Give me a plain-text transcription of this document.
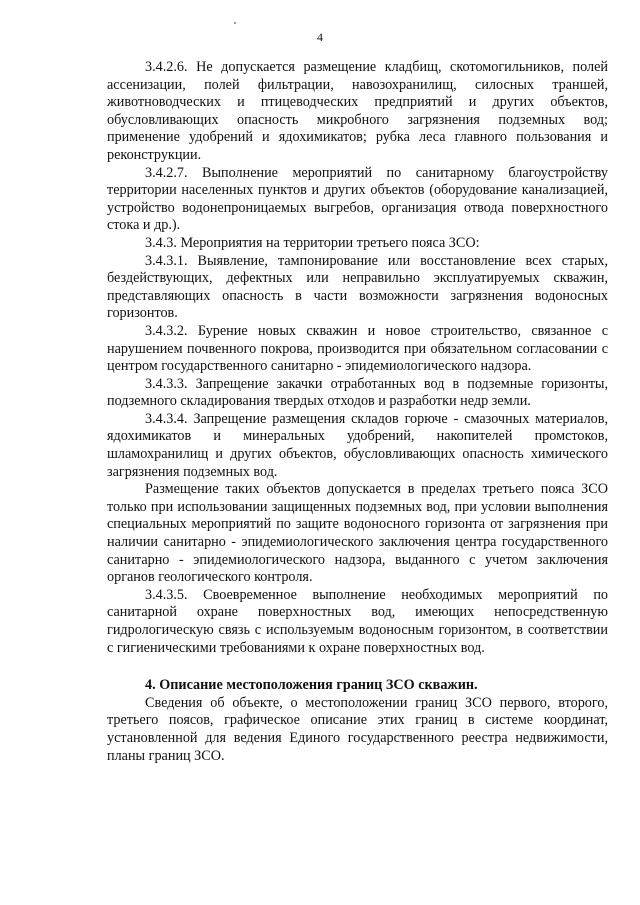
4

3.4.2.6. Не допускается размещение кладбищ, скотомогильников, полей ассенизации, полей фильтрации, навозохранилищ, силосных траншей, животноводческих и птицеводческих предприятий и других объектов, обусловливающих опасность микробного загрязнения подземных вод; применение удобрений и ядохимикатов; рубка леса главного пользования и реконструкции.

3.4.2.7. Выполнение мероприятий по санитарному благоустройству территории населенных пунктов и других объектов (оборудование канализацией, устройство водонепроницаемых выгребов, организация отвода поверхностного стока и др.).

3.4.3. Мероприятия на территории третьего пояса ЗСО:

3.4.3.1. Выявление, тампонирование или восстановление всех старых, бездействующих, дефектных или неправильно эксплуатируемых скважин, представляющих опасность в части возможности загрязнения водоносных горизонтов.

3.4.3.2. Бурение новых скважин и новое строительство, связанное с нарушением почвенного покрова, производится при обязательном согласовании с центром государственного санитарно - эпидемиологического надзора.

3.4.3.3. Запрещение закачки отработанных вод в подземные горизонты, подземного складирования твердых отходов и разработки недр земли.

3.4.3.4. Запрещение размещения складов горюче - смазочных материалов, ядохимикатов и минеральных удобрений, накопителей промстоков, шламохранилищ и других объектов, обусловливающих опасность химического загрязнения подземных вод.

Размещение таких объектов допускается в пределах третьего пояса ЗСО только при использовании защищенных подземных вод, при условии выполнения специальных мероприятий по защите водоносного горизонта от загрязнения при наличии санитарно - эпидемиологического заключения центра государственного санитарно - эпидемиологического надзора, выданного с учетом заключения органов геологического контроля.

3.4.3.5. Своевременное выполнение необходимых мероприятий по санитарной охране поверхностных вод, имеющих непосредственную гидрологическую связь с используемым водоносным горизонтом, в соответствии с гигиеническими требованиями к охране поверхностных вод.

4. Описание местоположения границ ЗСО скважин.

Сведения об объекте, о местоположении границ ЗСО первого, второго, третьего поясов, графическое описание этих границ в системе координат, установленной для ведения Единого государственного реестра недвижимости, планы границ ЗСО.
